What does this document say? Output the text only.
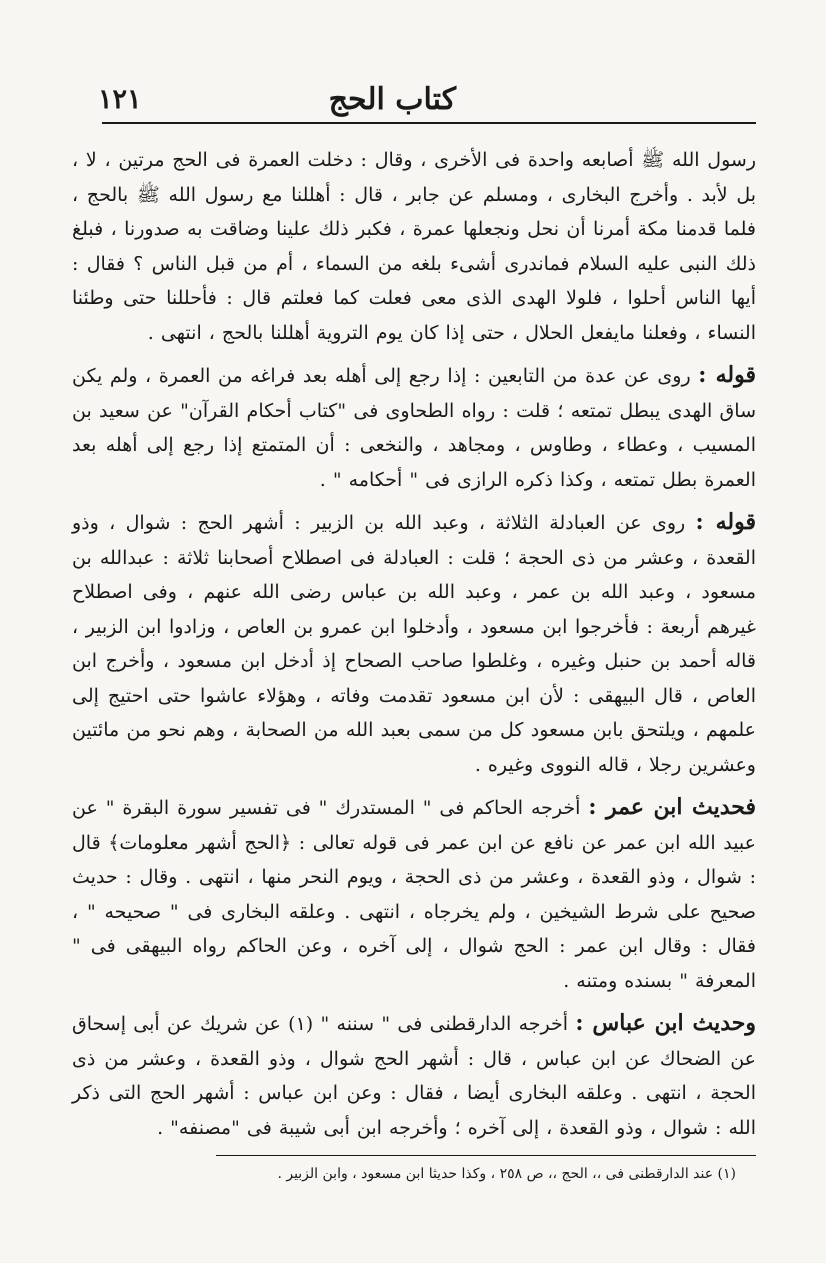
كتاب الحج
١٢١

رسول الله ﷺ أصابعه واحدة فى الأخرى ، وقال : دخلت العمرة فى الحج مرتين ، لا ، بل لأبد . وأخرج البخارى ، ومسلم عن جابر ، قال : أهللنا مع رسول الله ﷺ بالحج ، فلما قدمنا مكة أمرنا أن نحل ونجعلها عمرة ، فكبر ذلك علينا وضاقت به صدورنا ، فبلغ ذلك النبى عليه السلام فماندرى أشىء بلغه من السماء ، أم من قبل الناس ؟ فقال : أيها الناس أحلوا ، فلولا الهدى الذى معى فعلت كما فعلتم قال : فأحللنا حتى وطئنا النساء ، وفعلنا مايفعل الحلال ، حتى إذا كان يوم التروية أهللنا بالحج ، انتهى .

قوله : روى عن عدة من التابعين : إذا رجع إلى أهله بعد فراغه من العمرة ، ولم يكن ساق الهدى يبطل تمتعه ؛ قلت : رواه الطحاوى فى "كتاب أحكام القرآن" عن سعيد بن المسيب ، وعطاء ، وطاوس ، ومجاهد ، والنخعى : أن المتمتع إذا رجع إلى أهله بعد العمرة بطل تمتعه ، وكذا ذكره الرازى فى " أحكامه " .

قوله : روى عن العبادلة الثلاثة ، وعبد الله بن الزبير : أشهر الحج : شوال ، وذو القعدة ، وعشر من ذى الحجة ؛ قلت : العبادلة فى اصطلاح أصحابنا ثلاثة : عبدالله بن مسعود ، وعبد الله بن عمر ، وعبد الله بن عباس رضى الله عنهم ، وفى اصطلاح غيرهم أربعة : فأخرجوا ابن مسعود ، وأدخلوا ابن عمرو بن العاص ، وزادوا ابن الزبير ، قاله أحمد بن حنبل وغيره ، وغلطوا صاحب الصحاح إذ أدخل ابن مسعود ، وأخرج ابن العاص ، قال البيهقى : لأن ابن مسعود تقدمت وفاته ، وهؤلاء عاشوا حتى احتيج إلى علمهم ، ويلتحق بابن مسعود كل من سمى بعبد الله من الصحابة ، وهم نحو من مائتين وعشرين رجلا ، قاله النووى وغيره .

فحديث ابن عمر : أخرجه الحاكم فى " المستدرك " فى تفسير سورة البقرة " عن عبيد الله ابن عمر عن نافع عن ابن عمر فى قوله تعالى : ﴿الحج أشهر معلومات﴾ قال : شوال ، وذو القعدة ، وعشر من ذى الحجة ، ويوم النحر منها ، انتهى . وقال : حديث صحيح على شرط الشيخين ، ولم يخرجاه ، انتهى . وعلقه البخارى فى " صحيحه " ، فقال : وقال ابن عمر : الحج شوال ، إلى آخره ، وعن الحاكم رواه البيهقى فى " المعرفة " بسنده ومتنه .

وحديث ابن عباس : أخرجه الدارقطنى فى " سننه " (١) عن شريك عن أبى إسحاق عن الضحاك عن ابن عباس ، قال : أشهر الحج شوال ، وذو القعدة ، وعشر من ذى الحجة ، انتهى . وعلقه البخارى أيضا ، فقال : وعن ابن عباس : أشهر الحج التى ذكر الله : شوال ، وذو القعدة ، إلى آخره ؛ وأخرجه ابن أبى شيبة فى "مصنفه" .

(١) عند الدارقطنى فى ،، الحج ،، ص ٢٥٨ ، وكذا حديثا ابن مسعود ، وابن الزبير .
